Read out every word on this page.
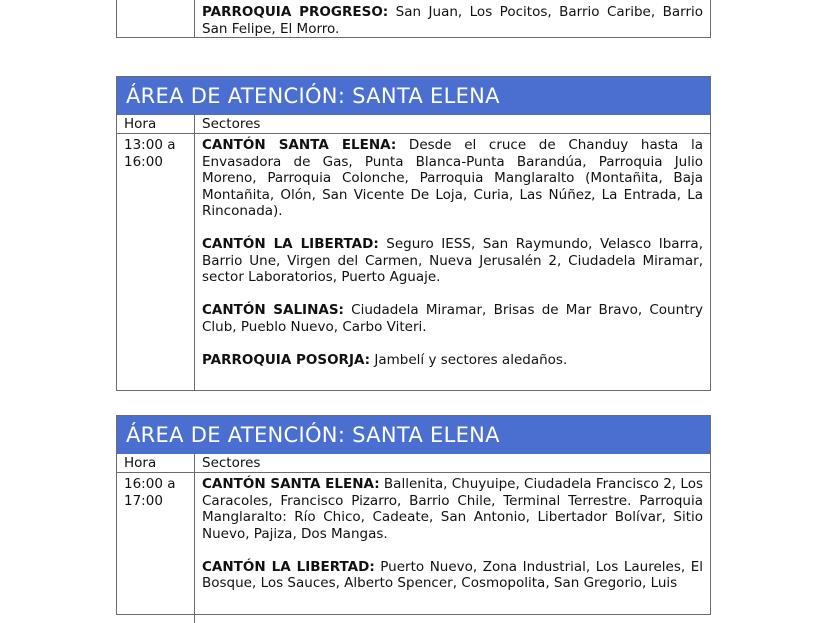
PARROQUIA PROGRESO: San Juan, Los Pocitos, Barrio Caribe, Barrio San Felipe, El Morro.

ÁREA DE ATENCIÓN: SANTA ELENA
Hora	Sectores
13:00 a 16:00

CANTÓN SANTA ELENA: Desde el cruce de Chanduy hasta la Envasadora de Gas, Punta Blanca-Punta Barandúa, Parroquia Julio Moreno, Parroquia Colonche, Parroquia Manglaralto (Montañita, Baja Montañita, Olón, San Vicente De Loja, Curia, Las Núñez, La Entrada, La Rinconada).

CANTÓN LA LIBERTAD: Seguro IESS, San Raymundo, Velasco Ibarra, Barrio Une, Virgen del Carmen, Nueva Jerusalén 2, Ciudadela Miramar, sector Laboratorios, Puerto Aguaje.

CANTÓN SALINAS: Ciudadela Miramar, Brisas de Mar Bravo, Country Club, Pueblo Nuevo, Carbo Viteri.

PARROQUIA POSORJA: Jambelí y sectores aledaños.

ÁREA DE ATENCIÓN: SANTA ELENA
Hora	Sectores
16:00 a 17:00

CANTÓN SANTA ELENA: Ballenita, Chuyuipe, Ciudadela Francisco 2, Los Caracoles, Francisco Pizarro, Barrio Chile, Terminal Terrestre. Parroquia Manglaralto: Río Chico, Cadeate, San Antonio, Libertador Bolívar, Sitio Nuevo, Pajiza, Dos Mangas.

CANTÓN LA LIBERTAD: Puerto Nuevo, Zona Industrial, Los Laureles, El Bosque, Los Sauces, Alberto Spencer, Cosmopolita, San Gregorio, Luis
